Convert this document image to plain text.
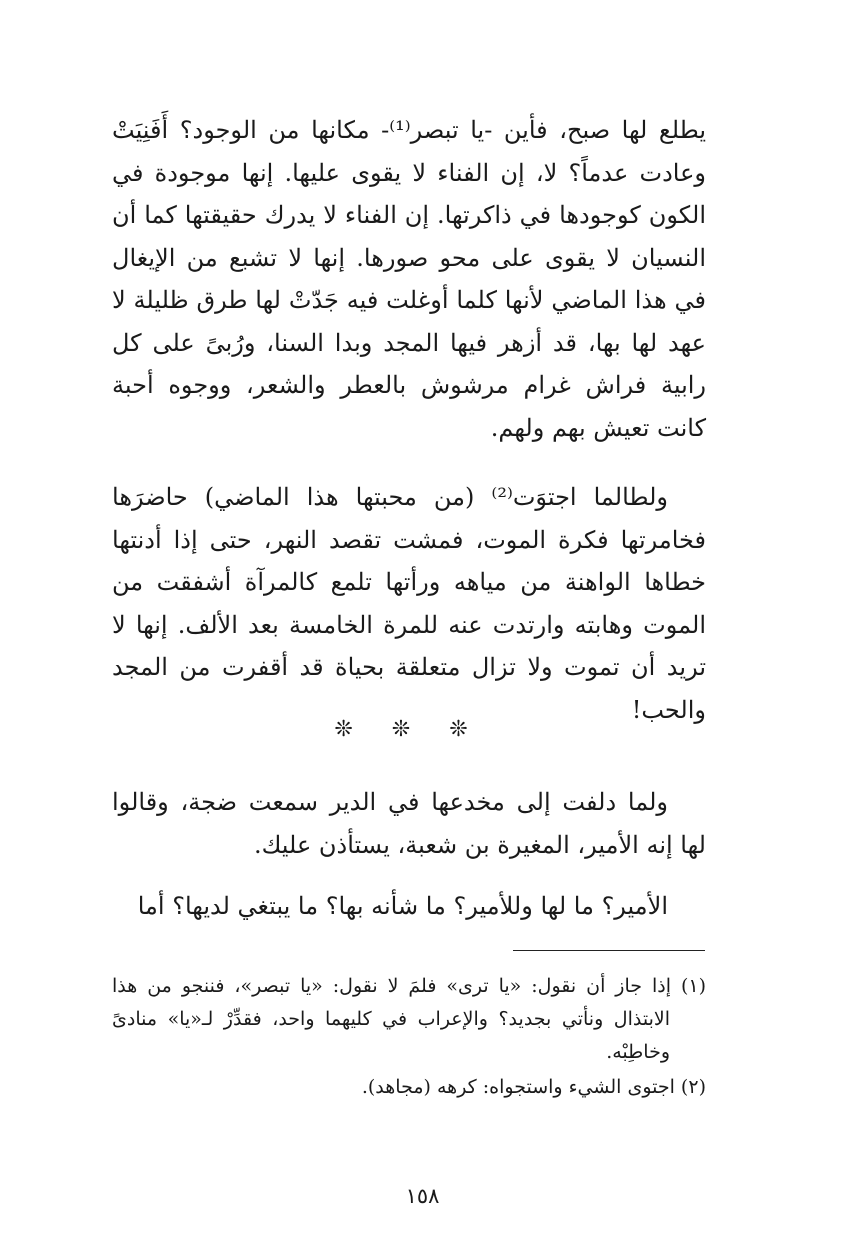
يطلع لها صبح، فأين -يا تبصر⁽¹⁾- مكانها من الوجود؟ أَفَنِيَتْ وعادت عدماً؟ لا، إن الفناء لا يقوى عليها. إنها موجودة في الكون كوجودها في ذاكرتها. إن الفناء لا يدرك حقيقتها كما أن النسيان لا يقوى على محو صورها. إنها لا تشبع من الإيغال في هذا الماضي لأنها كلما أوغلت فيه جَدّتْ لها طرق ظليلة لا عهد لها بها، قد أزهر فيها المجد وبدا السنا، ورُبىً على كل رابية فراش غرام مرشوش بالعطر والشعر، ووجوه أحبة كانت تعيش بهم ولهم.

ولطالما اجتوَت⁽²⁾ (من محبتها هذا الماضي) حاضرَها فخامرتها فكرة الموت، فمشت تقصد النهر، حتى إذا أدنتها خطاها الواهنة من مياهه ورأتها تلمع كالمرآة أشفقت من الموت وهابته وارتدت عنه للمرة الخامسة بعد الألف. إنها لا تريد أن تموت ولا تزال متعلقة بحياة قد أقفرت من المجد والحب!

❊ ❊ ❊

ولما دلفت إلى مخدعها في الدير سمعت ضجة، وقالوا لها إنه الأمير، المغيرة بن شعبة، يستأذن عليك.

الأمير؟ ما لها وللأمير؟ ما شأنه بها؟ ما يبتغي لديها؟ أما

(١) إذا جاز أن نقول: «يا ترى» فلمَ لا نقول: «يا تبصر»، فننجو من هذا الابتذال ونأتي بجديد؟ والإعراب في كليهما واحد، فقدِّرْ لـ«يا» منادىً وخاطِبْه.

(٢) اجتوى الشيء واستجواه: كرهه (مجاهد).

١٥٨
